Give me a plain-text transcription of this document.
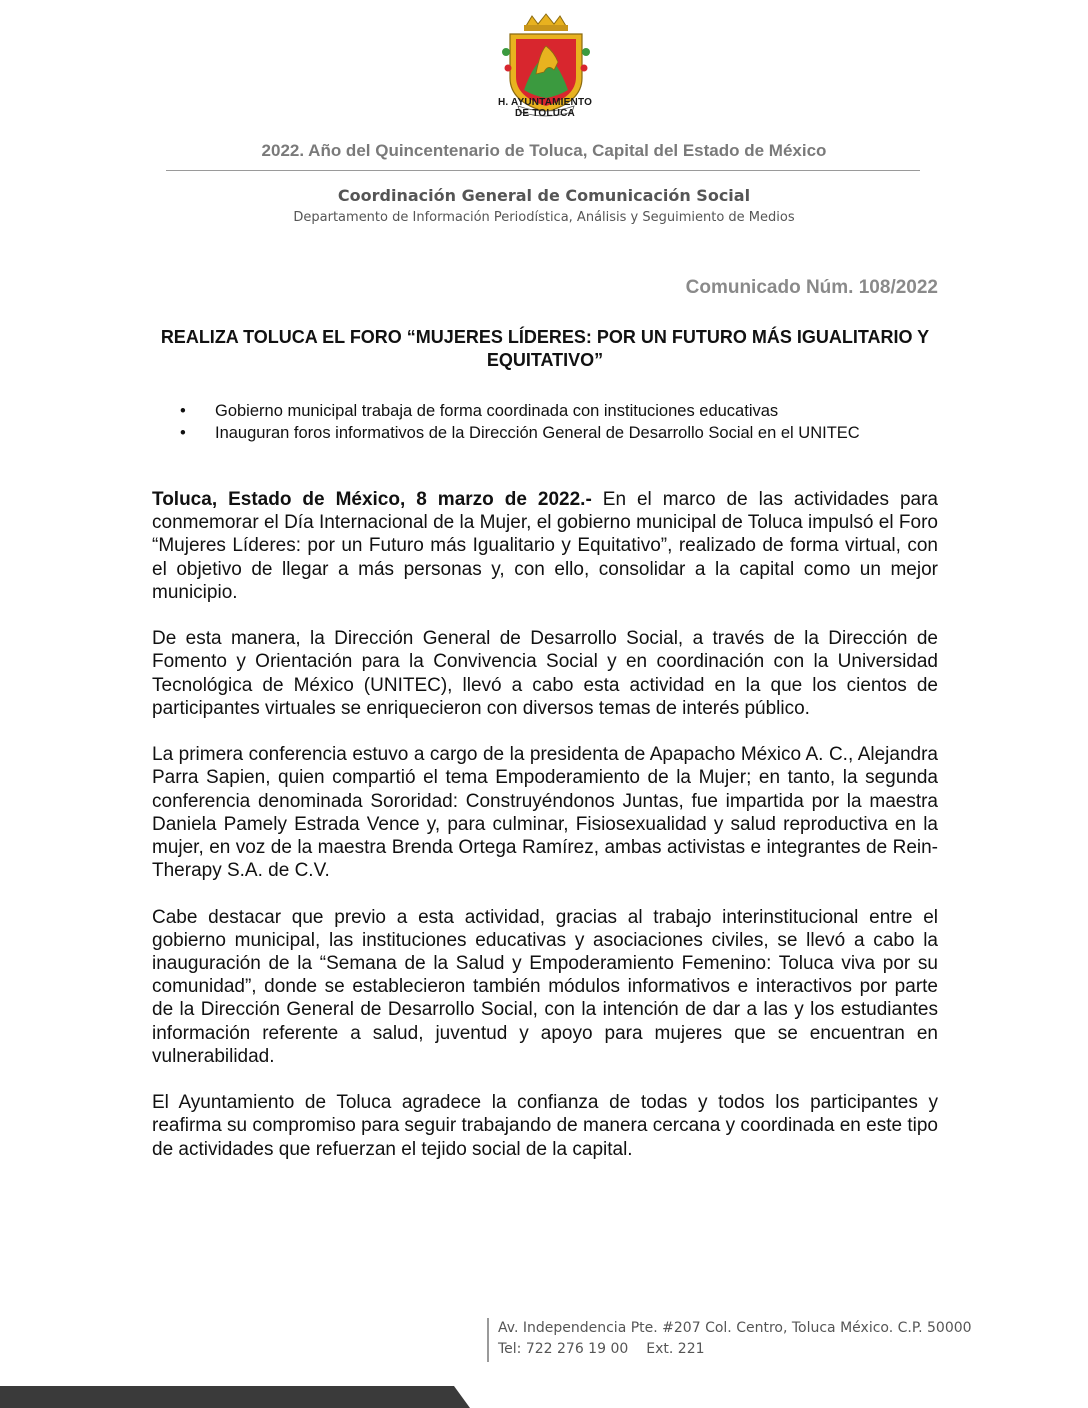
H. AYUNTAMIENTO
DE TOLUCA
2022. Año del Quincentenario de Toluca, Capital del Estado de México
Coordinación General de Comunicación Social
Departamento de Información Periodística, Análisis y Seguimiento de Medios
Comunicado Núm. 108/2022
REALIZA TOLUCA EL FORO “MUJERES LÍDERES: POR UN FUTURO MÁS IGUALITARIO Y EQUITATIVO”
• Gobierno municipal trabaja de forma coordinada con instituciones educativas
• Inauguran foros informativos de la Dirección General de Desarrollo Social en el UNITEC

Toluca, Estado de México, 8 marzo de 2022.- En el marco de las actividades para conmemorar el Día Internacional de la Mujer, el gobierno municipal de Toluca impulsó el Foro “Mujeres Líderes: por un Futuro más Igualitario y Equitativo”, realizado de forma virtual, con el objetivo de llegar a más personas y, con ello, consolidar a la capital como un mejor municipio.

De esta manera, la Dirección General de Desarrollo Social, a través de la Dirección de Fomento y Orientación para la Convivencia Social y en coordinación con la Universidad Tecnológica de México (UNITEC), llevó a cabo esta actividad en la que los cientos de participantes virtuales se enriquecieron con diversos temas de interés público.

La primera conferencia estuvo a cargo de la presidenta de Apapacho México A. C., Alejandra Parra Sapien, quien compartió el tema Empoderamiento de la Mujer; en tanto, la segunda conferencia denominada Sororidad: Construyéndonos Juntas, fue impartida por la maestra Daniela Pamely Estrada Vence y, para culminar, Fisiosexualidad y salud reproductiva en la mujer, en voz de la maestra Brenda Ortega Ramírez, ambas activistas e integrantes de Rein-Therapy S.A. de C.V.

Cabe destacar que previo a esta actividad, gracias al trabajo interinstitucional entre el gobierno municipal, las instituciones educativas y asociaciones civiles, se llevó a cabo la inauguración de la “Semana de la Salud y Empoderamiento Femenino: Toluca viva por su comunidad”, donde se establecieron también módulos informativos e interactivos por parte de la Dirección General de Desarrollo Social, con la intención de dar a las y los estudiantes información referente a salud, juventud y apoyo para mujeres que se encuentran en vulnerabilidad.

El Ayuntamiento de Toluca agradece la confianza de todas y todos los participantes y reafirma su compromiso para seguir trabajando de manera cercana y coordinada en este tipo de actividades que refuerzan el tejido social de la capital.

Av. Independencia Pte. #207 Col. Centro, Toluca México. C.P. 50000
Tel: 722 276 19 00 Ext. 221
